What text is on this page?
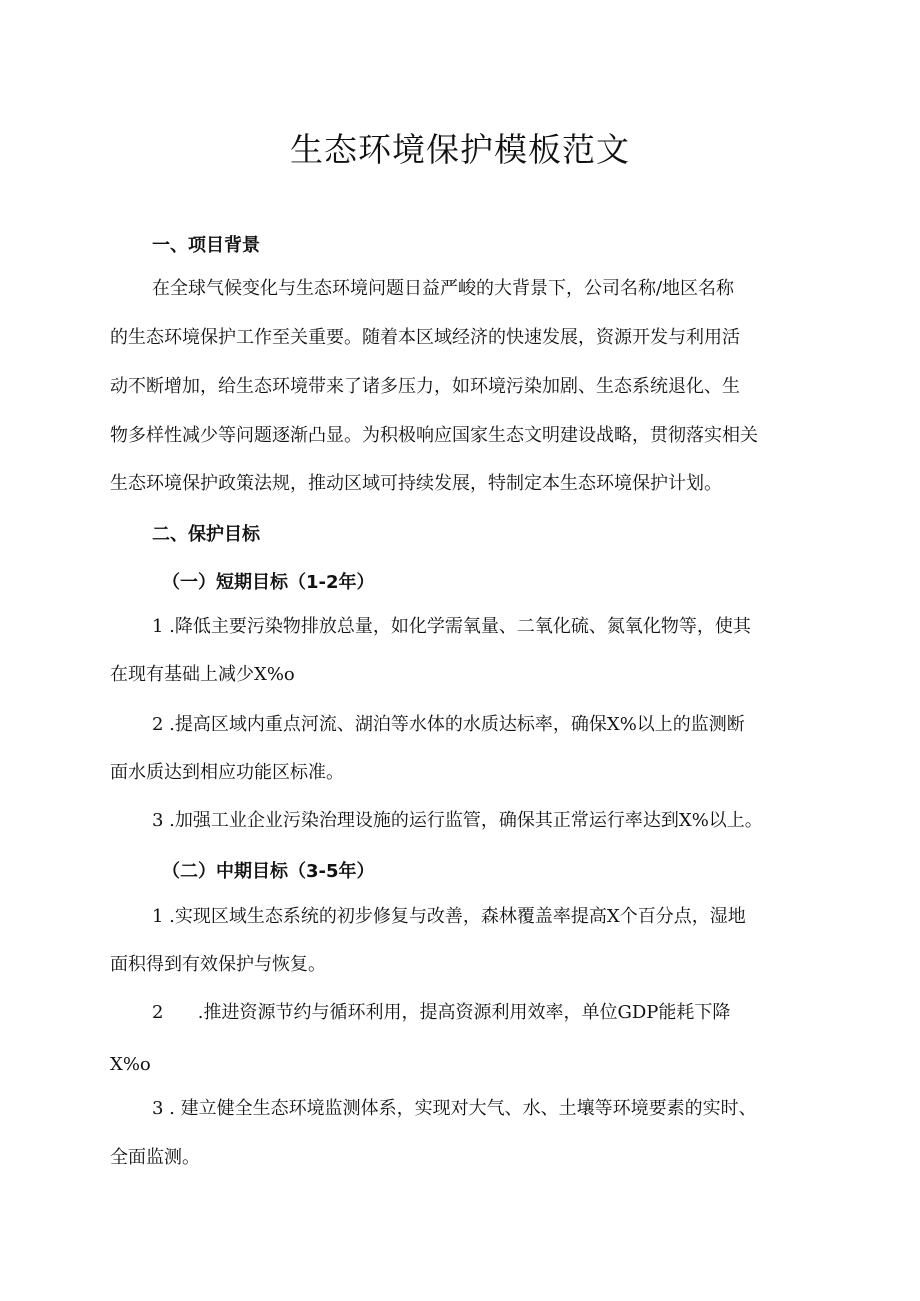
生态环境保护模板范文
一、项目背景
在全球气候变化与生态环境问题日益严峻的大背景下，公司名称/地区名称
的生态环境保护工作至关重要。随着本区域经济的快速发展，资源开发与利用活
动不断增加，给生态环境带来了诸多压力，如环境污染加剧、生态系统退化、生
物多样性减少等问题逐渐凸显。为积极响应国家生态文明建设战略，贯彻落实相关
生态环境保护政策法规，推动区域可持续发展，特制定本生态环境保护计划。
二、保护目标
（一）短期目标（1-2年）
1 .降低主要污染物排放总量，如化学需氧量、二氧化硫、氮氧化物等，使其
在现有基础上减少X%o
2 .提高区域内重点河流、湖泊等水体的水质达标率，确保X%以上的监测断
面水质达到相应功能区标准。
3 .加强工业企业污染治理设施的运行监管，确保其正常运行率达到X%以上。
（二）中期目标（3-5年）
1 .实现区域生态系统的初步修复与改善，森林覆盖率提高X个百分点，湿地
面积得到有效保护与恢复。
2      .推进资源节约与循环利用，提高资源利用效率，单位GDP能耗下降
X%o
3 . 建立健全生态环境监测体系，实现对大气、水、土壤等环境要素的实时、
全面监测。
